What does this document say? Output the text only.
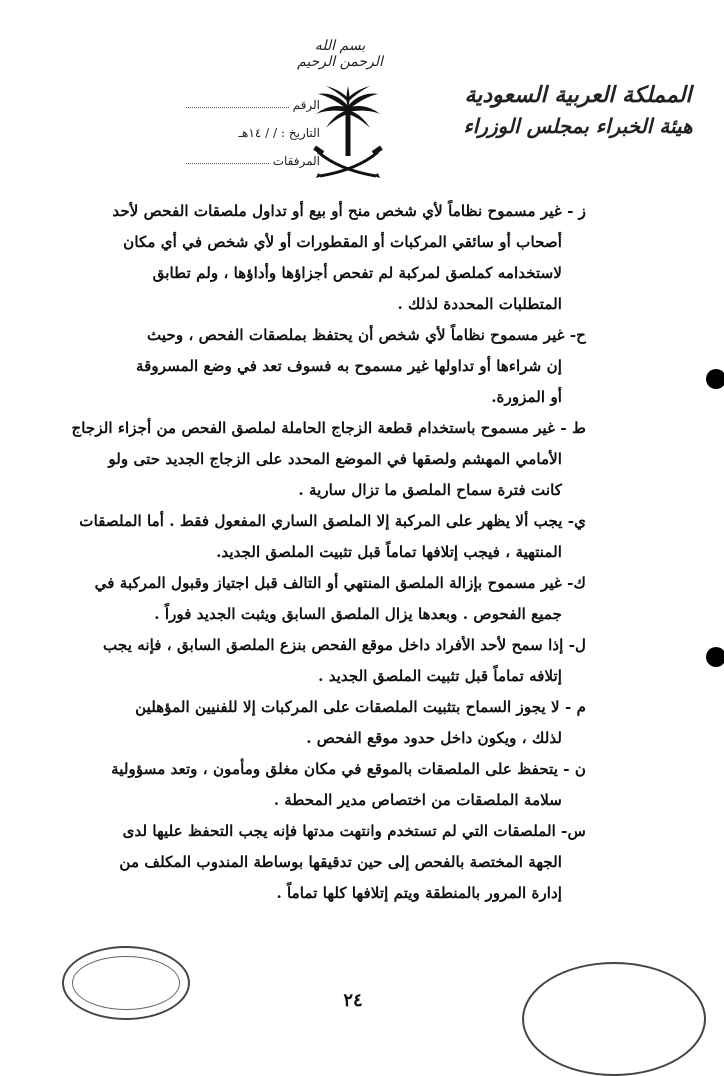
بسم الله الرحمن الرحيم
المملكة العربية السعودية
هيئة الخبراء بمجلس الوزراء
الرقم
التاريخ :
/ / ١٤هـ
المرفقات
ز - غير مسموح نظاماً لأي شخص منح أو بيع أو تداول ملصقات الفحص لأحد
أصحاب أو سائقي المركبات أو المقطورات أو لأي شخص في أي مكان
لاستخدامه كملصق لمركبة لم تفحص أجزاؤها وأداؤها ، ولم تطابق
المتطلبات المحددة لذلك .
ح- غير مسموح نظاماً لأي شخص أن يحتفظ بملصقات الفحص ، وحيث
إن شراءها أو تداولها غير مسموح به فسوف تعد في وضع المسروقة
أو المزورة.
ط - غير مسموح باستخدام قطعة الزجاج الحاملة لملصق الفحص من أجزاء الزجاج
الأمامي المهشم ولصقها في الموضع المحدد على الزجاج الجديد حتى ولو
كانت فترة سماح الملصق ما تزال سارية .
ي- يجب ألا يظهر على المركبة إلا الملصق الساري المفعول فقط . أما الملصقات
المنتهية ، فيجب إتلافها تماماً قبل تثبيت الملصق الجديد.
ك- غير مسموح بإزالة الملصق المنتهي أو التالف قبل اجتياز وقبول المركبة في
جميع الفحوص . وبعدها يزال الملصق السابق ويثبت الجديد فوراً .
ل- إذا سمح لأحد الأفراد داخل موقع الفحص بنزع الملصق السابق ، فإنه يجب
إتلافه تماماً قبل تثبيت الملصق الجديد .
م - لا يجوز السماح بتثبيت الملصقات على المركبات إلا للفنيين المؤهلين
لذلك ، ويكون داخل حدود موقع الفحص .
ن - يتحفظ على الملصقات بالموقع في مكان مغلق ومأمون ، وتعد مسؤولية
سلامة الملصقات من اختصاص مدير المحطة .
س- الملصقات التي لم تستخدم وانتهت مدتها فإنه يجب التحفظ عليها لدى
الجهة المختصة بالفحص إلى حين تدقيقها بوساطة المندوب المكلف من
إدارة المرور بالمنطقة ويتم إتلافها كلها تماماً .
٢٤
